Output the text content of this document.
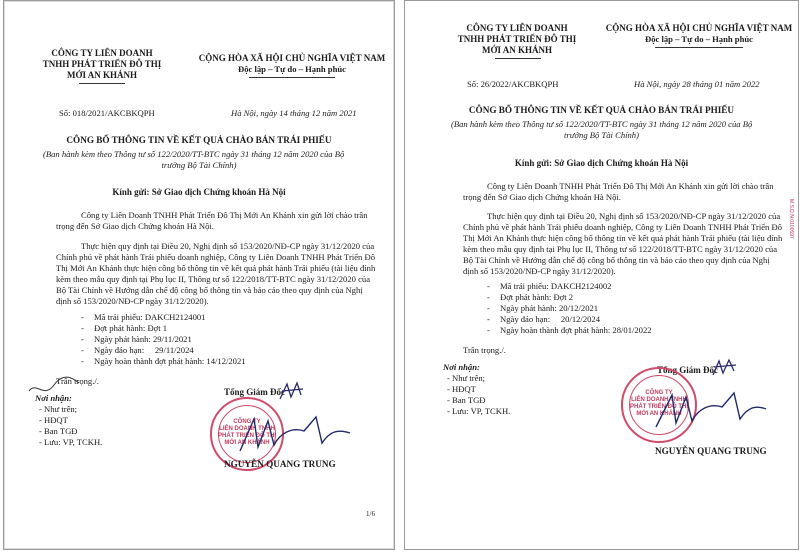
CÔNG TY LIÊN DOANH
TNHH PHÁT TRIỂN ĐÔ THỊ
MỚI AN KHÁNH
CỘNG HÒA XÃ HỘI CHỦ NGHĨA VIỆT NAM
Độc lập – Tự do – Hạnh phúc
Số: 018/2021/AKCBKQPH	Hà Nội, ngày 14 tháng 12 năm 2021
CÔNG BỐ THÔNG TIN VỀ KẾT QUẢ CHÀO BÁN TRÁI PHIẾU
(Ban hành kèm theo Thông tư số 122/2020/TT-BTC ngày 31 tháng 12 năm 2020 của Bộ
trưởng Bộ Tài Chính)
Kính gửi: Sở Giao dịch Chứng khoán Hà Nội
Công ty Liên Doanh TNHH Phát Triển Đô Thị Mới An Khánh xin gửi lời chào trân
trọng đến Sở Giao dịch Chứng khoán Hà Nội.
Thực hiện quy định tại Điều 20, Nghị định số 153/2020/NĐ-CP ngày 31/12/2020 của
Chính phủ về phát hành Trái phiếu doanh nghiệp, Công ty Liên Doanh TNHH Phát Triển Đô
Thị Mới An Khánh thực hiện công bố thông tin về kết quả phát hành Trái phiếu (tài liệu đính
kèm theo mẫu quy định tại Phụ lục II, Thông tư số 122/2018/TT-BTC ngày 31/12/2020 của
Bộ Tài Chính về Hướng dẫn chế độ công bố thông tin và báo cáo theo quy định của Nghị
định số 153/2020/NĐ-CP ngày 31/12/2020).
- Mã trái phiếu: DAKCH2124001
- Đợt phát hành: Đợt 1
- Ngày phát hành: 29/11/2021
- Ngày đáo hạn:     29/11/2024
- Ngày hoàn thành đợt phát hành: 14/12/2021
Trân trọng./.
Nơi nhận:
- Như trên;
- HĐQT
- Ban TGĐ
- Lưu: VP, TCKH.
Tổng Giám Đốc
CÔNG TY
LIÊN DOANH TNHH
PHÁT TRIỂN ĐÔ THỊ
MỚI AN KHÁNH
NGUYỄN QUANG TRUNG
1/6
CÔNG TY LIÊN DOANH
TNHH PHÁT TRIỂN ĐÔ THỊ
MỚI AN KHÁNH
CỘNG HÒA XÃ HỘI CHỦ NGHĨA VIỆT NAM
Độc lập – Tự do – Hạnh phúc
Số: 26/2022/AKCBKQPH	Hà Nội, ngày 28 tháng 01 năm 2022
CÔNG BỐ THÔNG TIN VỀ KẾT QUẢ CHÀO BÁN TRÁI PHIẾU
(Ban hành kèm theo Thông tư số 122/2020/TT-BTC ngày 31 tháng 12 năm 2020 của Bộ
trưởng Bộ Tài Chính)
Kính gửi: Sở Giao dịch Chứng khoán Hà Nội
Công ty Liên Doanh TNHH Phát Triển Đô Thị Mới An Khánh xin gửi lời chào trân
trọng đến Sở Giao dịch Chứng khoán Hà Nội.
Thực hiện quy định tại Điều 20, Nghị định số 153/2020/NĐ-CP ngày 31/12/2020 của
Chính phủ về phát hành Trái phiếu doanh nghiệp, Công ty Liên Doanh TNHH Phát Triển Đô
Thị Mới An Khánh thực hiện công bố thông tin về kết quả phát hành Trái phiếu (tài liệu đính
kèm theo mẫu quy định tại Phụ lục II, Thông tư số 122/2018/TT-BTC ngày 31/12/2020 của
Bộ Tài Chính về Hướng dẫn chế độ công bố thông tin và báo cáo theo quy định của Nghị
định số 153/2020/NĐ-CP ngày 31/12/2020).
- Mã trái phiếu: DAKCH2124002
- Đợt phát hành: Đợt 2
- Ngày phát hành: 20/12/2021
- Ngày đáo hạn:     20/12/2024
- Ngày hoàn thành đợt phát hành: 28/01/2022
Trân trọng./.
Nơi nhận:
- Như trên;
- HĐQT
- Ban TGĐ
- Lưu: VP, TCKH.
Tổng Giám Đốc
CÔNG TY
LIÊN DOANH TNHH
PHÁT TRIỂN ĐÔ THỊ
MỚI AN KHÁNH
NGUYỄN QUANG TRUNG
M.S.D.N:0100597
